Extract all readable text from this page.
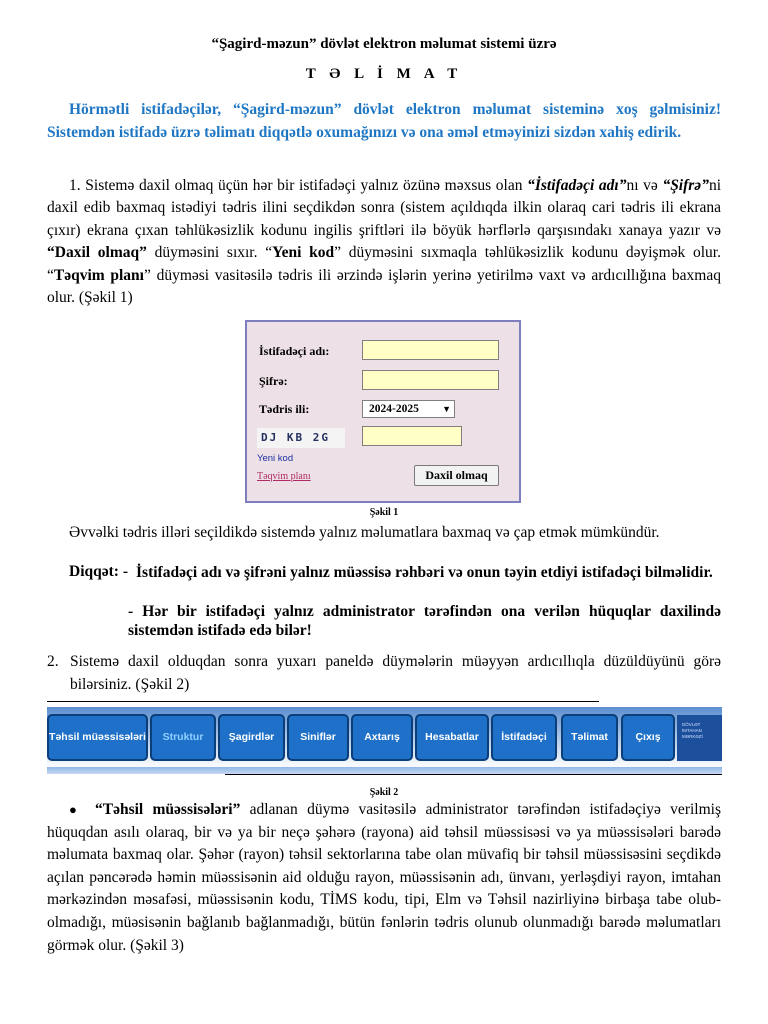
“Şagird-məzun” dövlət elektron məlumat sistemi üzrə
T Ə L İ M A T
Hörmətli istifadəçilər, “Şagird-məzun” dövlət elektron məlumat sisteminə xoş gəlmisiniz! Sistemdən istifadə üzrə təlimatı diqqətlə oxumağınızı və ona əməl etməyinizi sizdən xahiş edirik.
1. Sistemə daxil olmaq üçün hər bir istifadəçi yalnız özünə məxsus olan “İstifadəçi adı”nı və “Şifrə”ni daxil edib baxmaq istədiyi tədris ilini seçdikdən sonra (sistem açıldıqda ilkin olaraq cari tədris ili ekrana çıxır) ekrana çıxan təhlükəsizlik kodunu ingilis şriftləri ilə böyük hərflərlə qarşısındakı xanaya yazır və “Daxil olmaq” düyməsini sıxır. “Yeni kod” düyməsini sıxmaqla təhlükəsizlik kodunu dəyişmək olur. “Təqvim planı” düyməsi vasitəsilə tədris ili ərzində işlərin yerinə yetirilmə vaxt və ardıcıllığına baxmaq olur. (Şəkil 1)
İstifadəçi adı:
Şifrə:
Tədris ili:	2024-2025	▼
DJ KB 2G
Yeni kod
Təqvim planı	Daxil olmaq
Şəkil 1
Əvvəlki tədris illəri seçildikdə sistemdə yalnız məlumatlara baxmaq və çap etmək mümkündür.
Diqqət: - İstifadəçi adı və şifrəni yalnız müəssisə rəhbəri və onun təyin etdiyi istifadəçi bilməlidir.
- Hər bir istifadəçi yalnız administrator tərəfindən ona verilən hüquqlar daxilində sistemdən istifadə edə bilər!
2. Sistemə daxil olduqdan sonra yuxarı paneldə düymələrin müəyyən ardıcıllıqla düzüldüyünü görə bilərsiniz. (Şəkil 2)
Təhsil müəssisələri	Struktur	Şagirdlər	Siniflər	Axtarış	Hesabatlar	İstifadəçi	Təlimat	Çıxış
DÖVLƏT İMTAHAN MƏRKƏZİ
Şəkil 2
●	“Təhsil müəssisələri” adlanan düymə vasitəsilə administrator tərəfindən istifadəçiyə verilmiş hüquqdan asılı olaraq, bir və ya bir neçə şəhərə (rayona) aid təhsil müəssisəsi və ya müəssisələri barədə məlumata baxmaq olar. Şəhər (rayon) təhsil sektorlarına tabe olan müvafiq bir təhsil müəssisəsini seçdikdə açılan pəncərədə həmin müəssisənin aid olduğu rayon, müəssisənin adı, ünvanı, yerləşdiyi rayon, imtahan mərkəzindən məsafəsi, müəssisənin kodu, TİMS kodu, tipi, Elm və Təhsil nazirliyinə birbaşa tabe olub-olmadığı, müəsisənin bağlanıb bağlanmadığı, bütün fənlərin tədris olunub olunmadığı barədə məlumatları görmək olur. (Şəkil 3)
